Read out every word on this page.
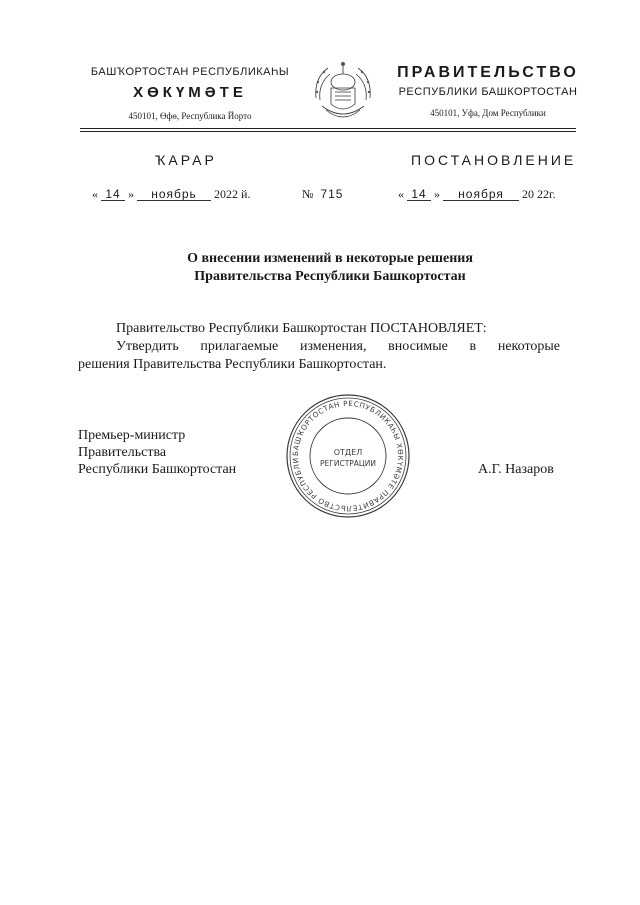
БАШҠОРТОСТАН РЕСПУБЛИКАҺЫ
ХӨКҮМӘТЕ
450101, Өфө, Республика Йорто
ПРАВИТЕЛЬСТВО
РЕСПУБЛИКИ БАШКОРТОСТАН
450101, Уфа, Дом Республики
ҠАРАР	ПОСТАНОВЛЕНИЕ
« 14 » ноябрь 2022 й.	№ 715	« 14 » ноября 20 22г.
О внесении изменений в некоторые решения
Правительства Республики Башкортостан
Правительство Республики Башкортостан ПОСТАНОВЛЯЕТ:
Утвердить прилагаемые изменения, вносимые в некоторые
решения Правительства Республики Башкортостан.
Премьер-министр
Правительства
Республики Башкортостан	А.Г. Назаров
БАШҠОРТОСТАН РЕСПУБЛИКАҺЫ ХӨКҮМӘТЕ ПРАВИТЕЛЬСТВО РЕСПУБЛИ
ОТДЕЛ
РЕГИСТРАЦИИ
